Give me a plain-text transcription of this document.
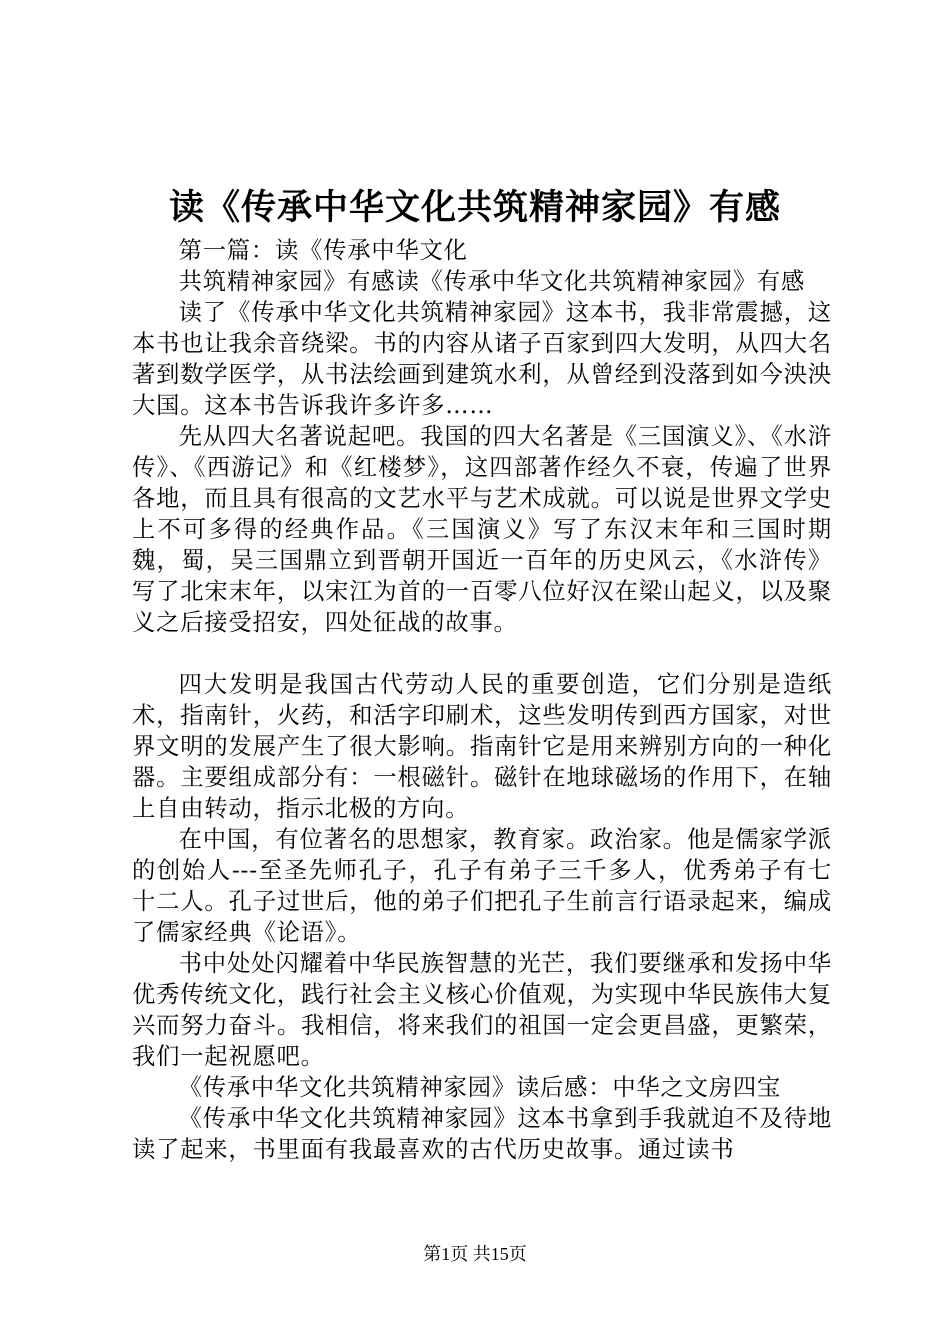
读《传承中华文化共筑精神家园》有感

第一篇：读《传承中华文化

共筑精神家园》有感读《传承中华文化共筑精神家园》有感

读了《传承中华文化共筑精神家园》这本书，我非常震撼，这本书也让我余音绕梁。书的内容从诸子百家到四大发明，从四大名著到数学医学，从书法绘画到建筑水利，从曾经到没落到如今泱泱大国。这本书告诉我许多许多……

先从四大名著说起吧。我国的四大名著是《三国演义》、《水浒传》、《西游记》和《红楼梦》，这四部著作经久不衰，传遍了世界各地，而且具有很高的文艺水平与艺术成就。可以说是世界文学史上不可多得的经典作品。《三国演义》写了东汉末年和三国时期魏，蜀，吴三国鼎立到晋朝开国近一百年的历史风云，《水浒传》写了北宋末年，以宋江为首的一百零八位好汉在梁山起义，以及聚义之后接受招安，四处征战的故事。

四大发明是我国古代劳动人民的重要创造，它们分别是造纸术，指南针，火药，和活字印刷术，这些发明传到西方国家，对世界文明的发展产生了很大影响。指南针它是用来辨别方向的一种化器。主要组成部分有：一根磁针。磁针在地球磁场的作用下，在轴上自由转动，指示北极的方向。

在中国，有位著名的思想家，教育家。政治家。他是儒家学派的创始人---至圣先师孔子，孔子有弟子三千多人，优秀弟子有七十二人。孔子过世后，他的弟子们把孔子生前言行语录起来，编成了儒家经典《论语》。

书中处处闪耀着中华民族智慧的光芒，我们要继承和发扬中华优秀传统文化，践行社会主义核心价值观，为实现中华民族伟大复兴而努力奋斗。我相信，将来我们的祖国一定会更昌盛，更繁荣，我们一起祝愿吧。

《传承中华文化共筑精神家园》读后感：中华之文房四宝

《传承中华文化共筑精神家园》这本书拿到手我就迫不及待地读了起来，书里面有我最喜欢的古代历史故事。通过读书

第1页 共15页
